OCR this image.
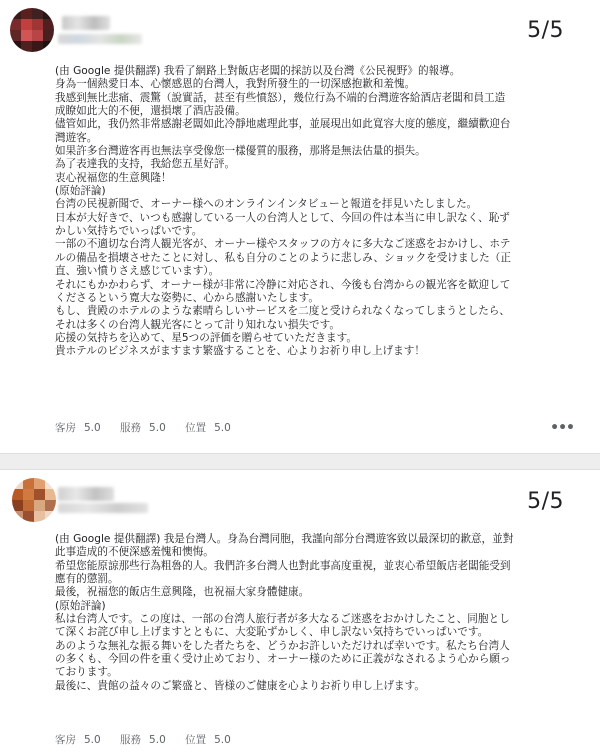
5/5
(由 Google 提供翻譯) 我看了網路上對飯店老闆的採訪以及台灣《公民視野》的報導。
身為一個熱愛日本、心懷感恩的台灣人，我對所發生的一切深感抱歉和羞愧。
我感到無比悲痛、震驚（說實話，甚至有些憤怒），幾位行為不端的台灣遊客給酒店老闆和員工造
成瞭如此大的不便，還損壞了酒店設備。
儘管如此，我仍然非常感謝老闆如此冷靜地處理此事，並展現出如此寬容大度的態度，繼續歡迎台
灣遊客。
如果許多台灣遊客再也無法享受像您一樣優質的服務，那將是無法估量的損失。
為了表達我的支持，我給您五星好評。
衷心祝福您的生意興隆！
(原始評論)
台湾の民視新聞で、オーナー様へのオンラインインタビューと報道を拝見いたしました。
日本が大好きで、いつも感謝している一人の台湾人として、今回の件は本当に申し訳なく、恥ず
かしい気持ちでいっぱいです。
一部の不適切な台湾人観光客が、オーナー様やスタッフの方々に多大なご迷惑をおかけし、ホテ
ルの備品を損壊させたことに対し、私も自分のことのように悲しみ、ショックを受けました（正
直、強い憤りさえ感じています）。
それにもかかわらず、オーナー様が非常に冷静に対応され、今後も台湾からの観光客を歓迎して
くださるという寛大な姿勢に、心から感謝いたします。
もし、貴殿のホテルのような素晴らしいサービスを二度と受けられなくなってしまうとしたら、
それは多くの台湾人観光客にとって計り知れない損失です。
応援の気持ちを込めて、星5つの評価を贈らせていただきます。
貴ホテルのビジネスがますます繁盛することを、心よりお祈り申し上げます！
客房 5.0 服務 5.0 位置 5.0	•••
5/5
(由 Google 提供翻譯) 我是台灣人。身為台灣同胞，我謹向部分台灣遊客致以最深切的歉意，並對
此事造成的不便深感羞愧和懊悔。
希望您能原諒那些行為粗魯的人。我們許多台灣人也對此事高度重視，並衷心希望飯店老闆能受到
應有的懲罰。
最後，祝福您的飯店生意興隆，也祝福大家身體健康。
(原始評論)
私は台湾人です。この度は、一部の台湾人旅行者が多大なるご迷惑をおかけしたこと、同胞とし
て深くお詫び申し上げますとともに、大変恥ずかしく、申し訳ない気持ちでいっぱいです。
あのような無礼な振る舞いをした者たちを、どうかお許しいただければ幸いです。私たち台湾人
の多くも、今回の件を重く受け止めており、オーナー様のために正義がなされるよう心から願っ
ております。
最後に、貴館の益々のご繁盛と、皆様のご健康を心よりお祈り申し上げます。
客房 5.0 服務 5.0 位置 5.0
